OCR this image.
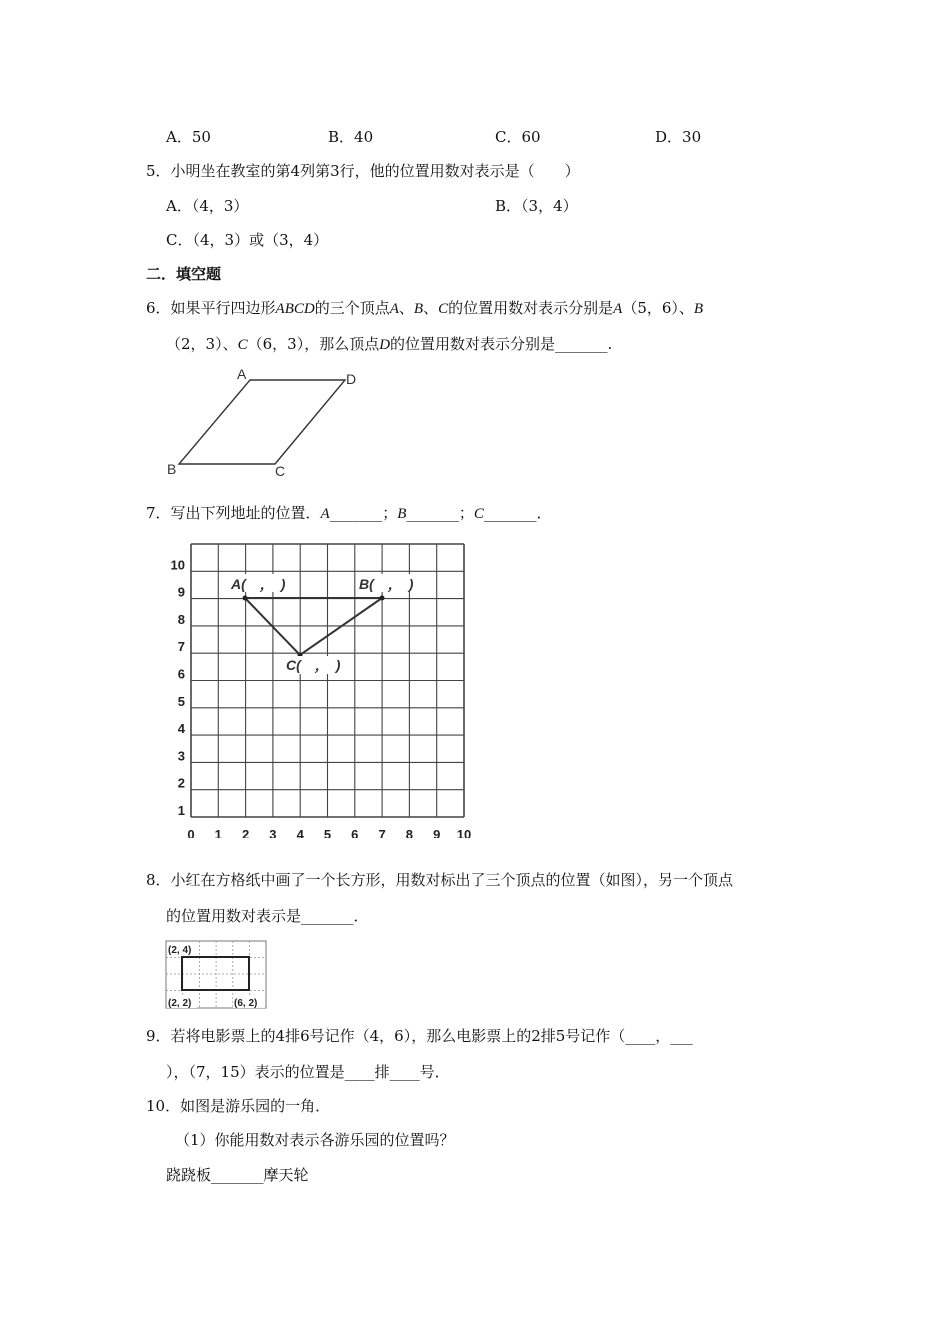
A．50	B．40	C．60	D．30
5．小明坐在教室的第4列第3行，他的位置用数对表示是（　　）
A．（4，3）	B．（3，4）
C．（4，3）或（3，4）
二．填空题
6．如果平行四边形ABCD的三个顶点A、B、C的位置用数对表示分别是A（5，6）、B
（2，3）、C（6，3），那么顶点D的位置用数对表示分别是_______.
A	D
B	C
7．写出下列地址的位置．A_______；B_______；C_______．
0 1 2 3 4 5 6 7 8 9 10
1
2
3
4
5
6
7
8
9
10
A(　，　)	B(　，　)
C(　，　)
8．小红在方格纸中画了一个长方形，用数对标出了三个顶点的位置（如图），另一个顶点
的位置用数对表示是_______．
(2, 4)
(2, 2)	(6, 2)
9．若将电影票上的4排6号记作（4，6），那么电影票上的2排5号记作（____，___
），（7，15）表示的位置是____排____号．
10．如图是游乐园的一角．
（1）你能用数对表示各游乐园的位置吗？
跷跷板_______摩天轮
